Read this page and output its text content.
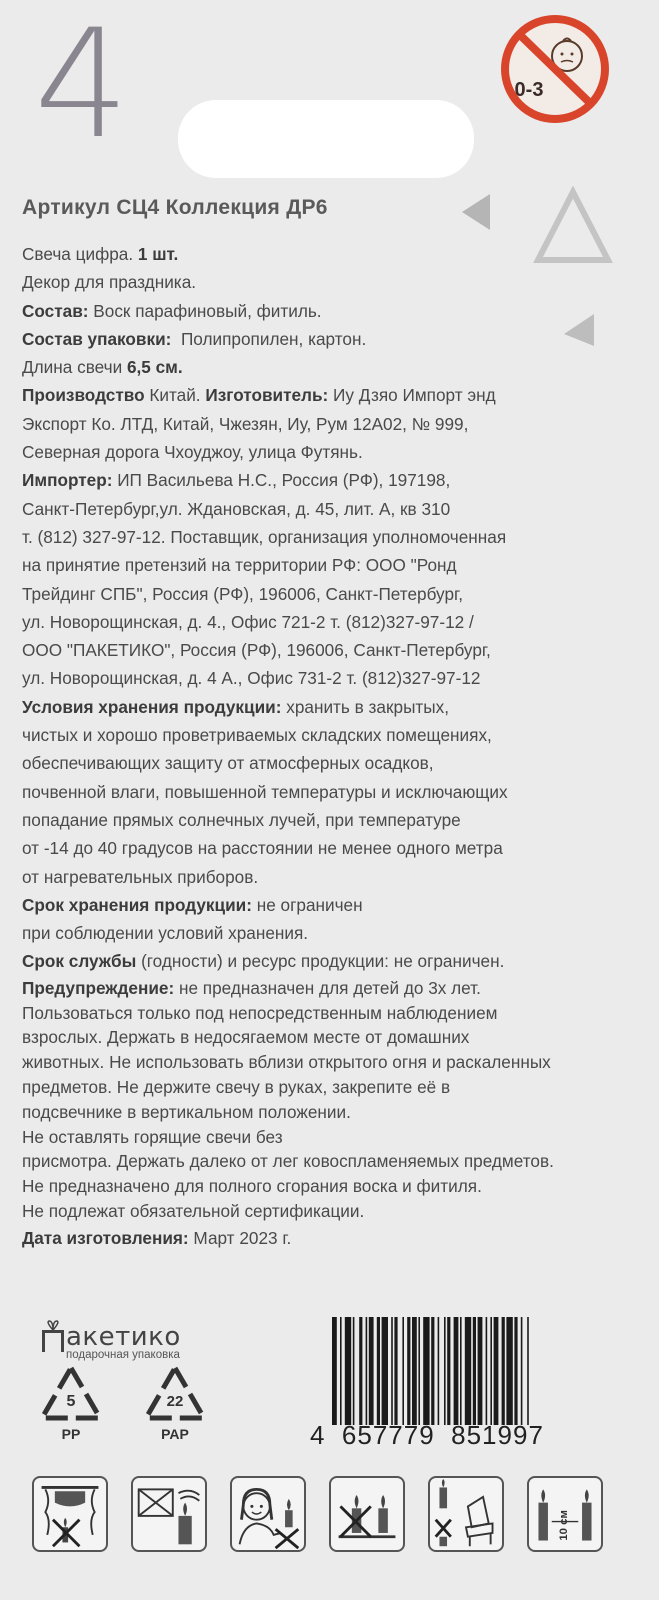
4	0-3
Артикул СЦ4 Коллекция ДР6
Свеча цифра. 1 шт.
Декор для праздника.
Состав: Воск парафиновый, фитиль.
Состав упаковки:  Полипропилен, картон.
Длина свечи 6,5 см.
Производство Китай. Изготовитель: Иу Дзяо Импорт энд
Экспорт Ко. ЛТД, Китай, Чжезян, Иу, Рум 12А02, № 999,
Северная дорога Чхоуджоу, улица Футянь.
Импортер: ИП Васильева Н.С., Россия (РФ), 197198,
Санкт-Петербург,ул. Ждановская, д. 45, лит. А, кв 310
т. (812) 327-97-12. Поставщик, организация уполномоченная
на принятие претензий на территории РФ: ООО "Ронд
Трейдинг СПБ", Россия (РФ), 196006, Санкт-Петербург,
ул. Новорощинская, д. 4., Офис 721-2 т. (812)327-97-12 /
ООО "ПАКЕТИКО", Россия (РФ), 196006, Санкт-Петербург,
ул. Новорощинская, д. 4 А., Офис 731-2 т. (812)327-97-12
Условия хранения продукции: хранить в закрытых,
чистых и хорошо проветриваемых складских помещениях,
обеспечивающих защиту от атмосферных осадков,
почвенной влаги, повышенной температуры и исключающих
попадание прямых солнечных лучей, при температуре
от -14 до 40 градусов на расстоянии не менее одного метра
от нагревательных приборов.
Срок хранения продукции: не ограничен
при соблюдении условий хранения.
Срок службы (годности) и ресурс продукции: не ограничен.
Предупреждение: не предназначен для детей до 3х лет.
Пользоваться только под непосредственным наблюдением
взрослых. Держать в недосягаемом месте от домашних
животных. Не использовать вблизи открытого огня и раскаленных
предметов. Не держите свечу в руках, закрепите её в
подсвечнике в вертикальном положении.
Не оставлять горящие свечи без
присмотра. Держать далеко от лег ковоспламеняемых предметов.
Не предназначено для полного сгорания воска и фитиля.
Не подлежат обязательной сертификации.
Дата изготовления: Март 2023 г.
акетико
подарочная упаковка
5
PP
22
PAP	4 657779 851997
10 см
